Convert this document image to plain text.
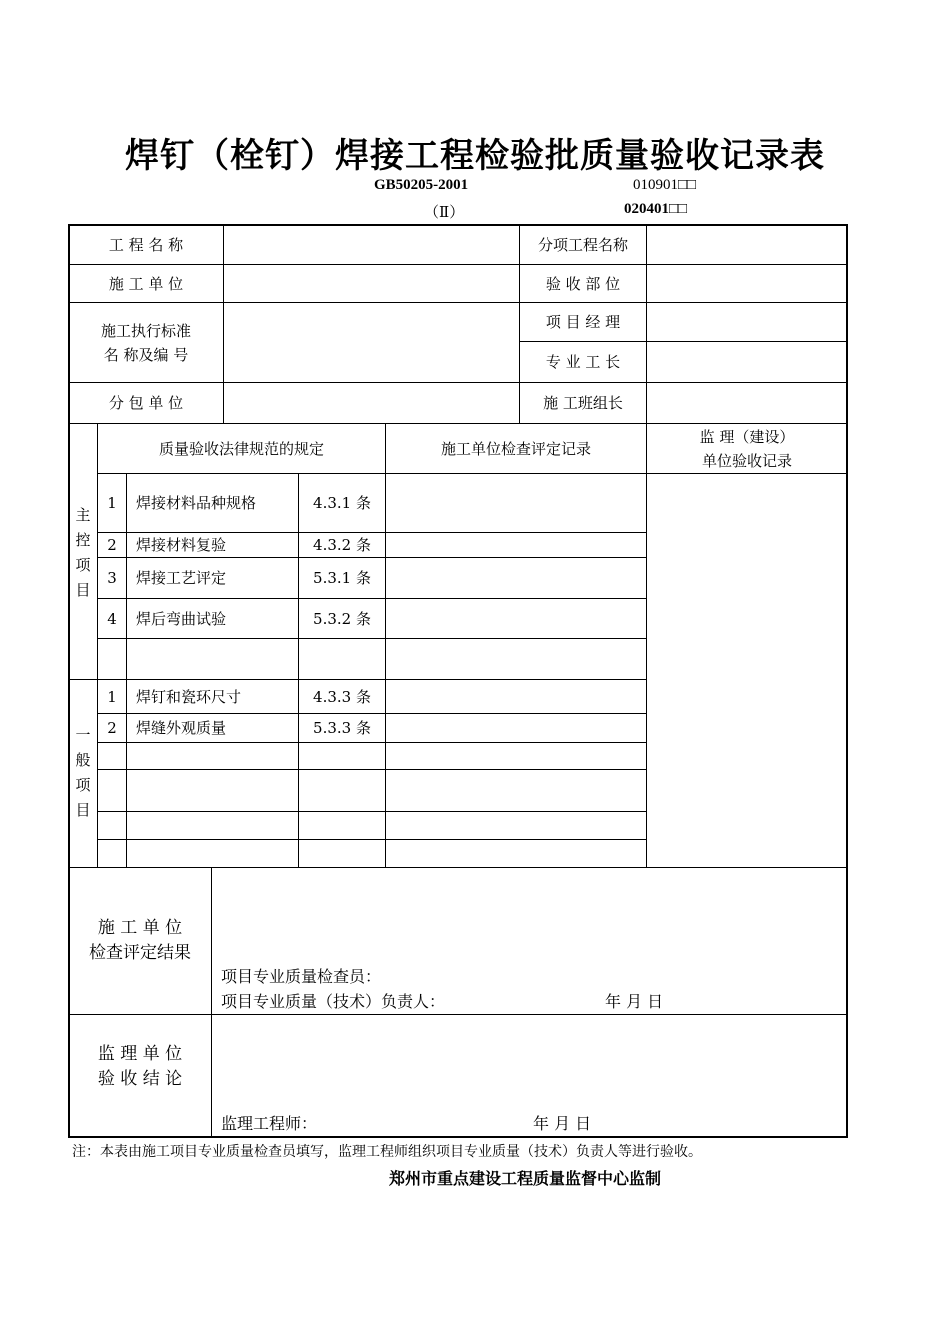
焊钉（栓钉）焊接工程检验批质量验收记录表
GB50205-2001	010901□□
（Ⅱ）	020401□□
工 程 名 称	分项工程名称
施 工 单 位	验 收 部 位
施工执行标准
名 称及编 号
项 目 经 理
专 业 工 长
分 包 单 位	施 工班组长
质量验收法律规范的规定	施工单位检查评定记录
监 理（建设）
单位验收记录
主
控
项
目
1	焊接材料品种规格	4.3.1 条
2	焊接材料复验	4.3.2 条
3	焊接工艺评定	5.3.1 条
4	焊后弯曲试验	5.3.2 条
一
般
项
目
1	焊钉和瓷环尺寸	4.3.3 条
2	焊缝外观质量	5.3.3 条
施 工 单 位
检查评定结果
项目专业质量检查员：
项目专业质量（技术）负责人：	年 月 日
监 理 单 位
验 收 结 论
监理工程师：	年 月 日
注：本表由施工项目专业质量检查员填写，监理工程师组织项目专业质量（技术）负责人等进行验收。
郑州市重点建设工程质量监督中心监制
